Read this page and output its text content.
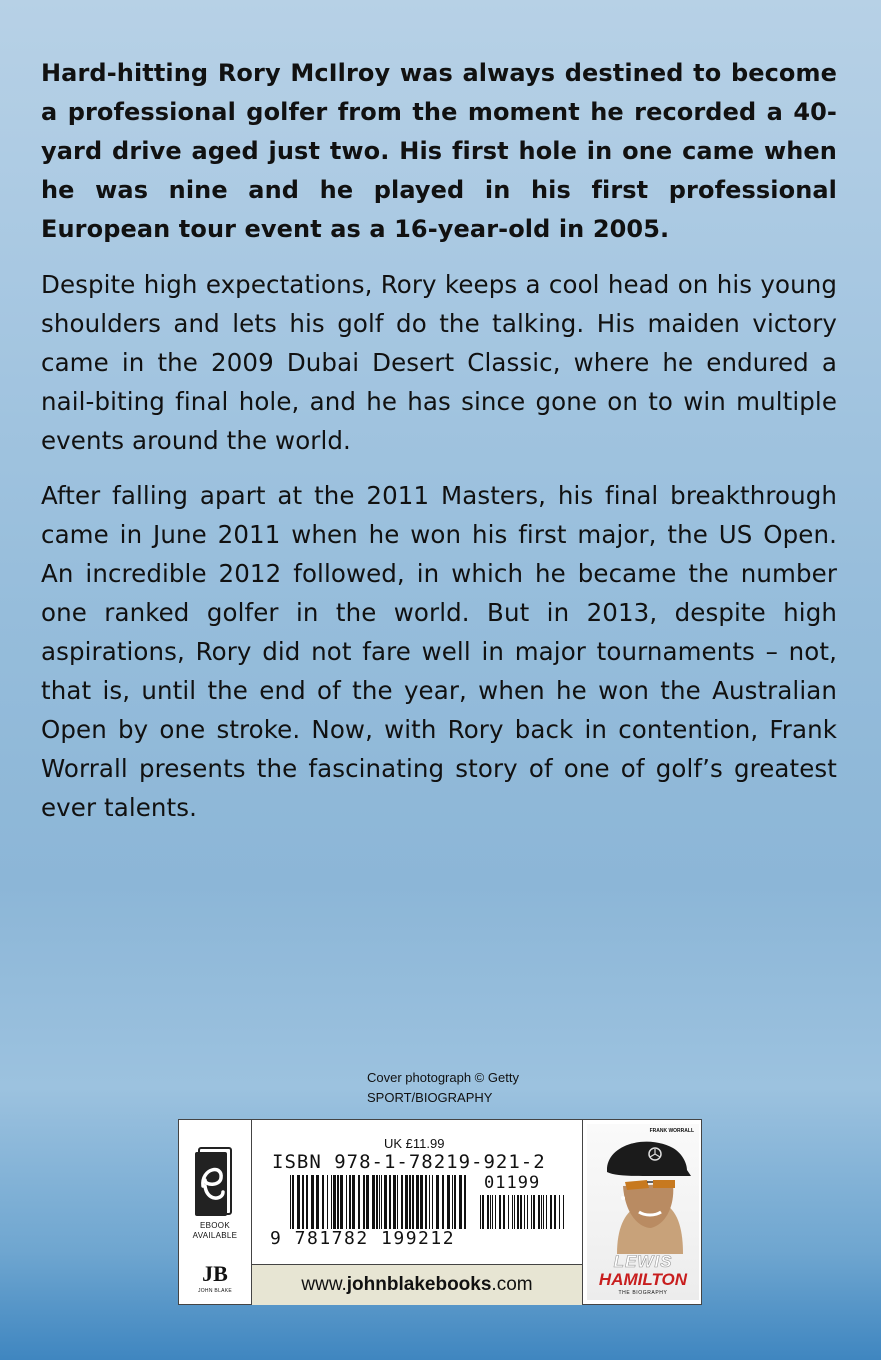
Hard-hitting Rory McIlroy was always destined to become a professional golfer from the moment he recorded a 40-yard drive aged just two. His first hole in one came when he was nine and he played in his first professional European tour event as a 16-year-old in 2005.

Despite high expectations, Rory keeps a cool head on his young shoulders and lets his golf do the talking. His maiden victory came in the 2009 Dubai Desert Classic, where he endured a nail-biting final hole, and he has since gone on to win multiple events around the world.

After falling apart at the 2011 Masters, his final breakthrough came in June 2011 when he won his first major, the US Open. An incredible 2012 followed, in which he became the number one ranked golfer in the world. But in 2013, despite high aspirations, Rory did not fare well in major tournaments – not, that is, until the end of the year, when he won the Australian Open by one stroke. Now, with Rory back in contention, Frank Worrall presents the fascinating story of one of golf’s greatest ever talents.

Cover photograph © Getty
SPORT/BIOGRAPHY
EBOOK
AVAILABLE
JB
JOHN BLAKE
UK £11.99
ISBN 978-1-78219-921-2
01199
9 781782 199212
www.johnblakebooks.com
FRANK WORRALL
LEWIS
HAMILTON
THE BIOGRAPHY
